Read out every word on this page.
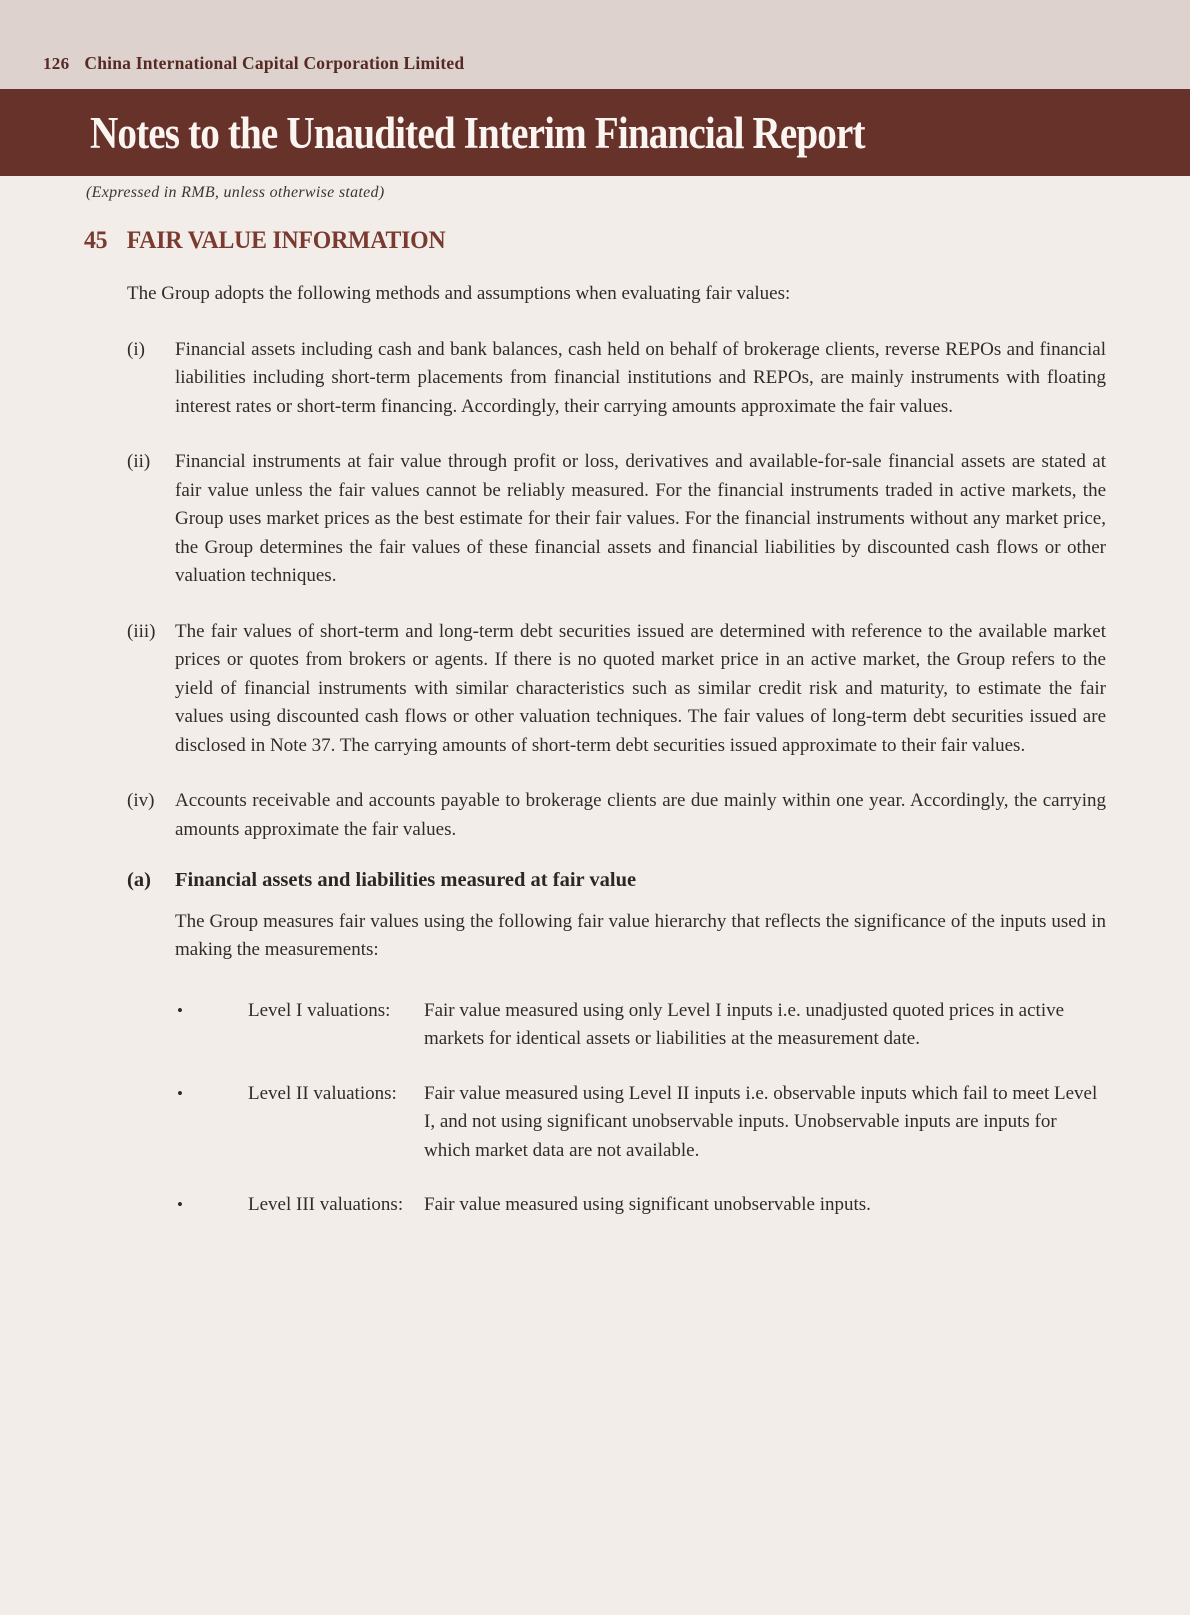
126 China International Capital Corporation Limited
Notes to the Unaudited Interim Financial Report

(Expressed in RMB, unless otherwise stated)

45 FAIR VALUE INFORMATION

The Group adopts the following methods and assumptions when evaluating fair values:

(i)	Financial assets including cash and bank balances, cash held on behalf of brokerage clients, reverse REPOs and financial liabilities including short-term placements from financial institutions and REPOs, are mainly instruments with floating interest rates or short-term financing. Accordingly, their carrying amounts approximate the fair values.
(ii)	Financial instruments at fair value through profit or loss, derivatives and available-for-sale financial assets are stated at fair value unless the fair values cannot be reliably measured. For the financial instruments traded in active markets, the Group uses market prices as the best estimate for their fair values. For the financial instruments without any market price, the Group determines the fair values of these financial assets and financial liabilities by discounted cash flows or other valuation techniques.
(iii)	The fair values of short-term and long-term debt securities issued are determined with reference to the available market prices or quotes from brokers or agents. If there is no quoted market price in an active market, the Group refers to the yield of financial instruments with similar characteristics such as similar credit risk and maturity, to estimate the fair values using discounted cash flows or other valuation techniques. The fair values of long-term debt securities issued are disclosed in Note 37. The carrying amounts of short-term debt securities issued approximate to their fair values.
(iv)	Accounts receivable and accounts payable to brokerage clients are due mainly within one year. Accordingly, the carrying amounts approximate the fair values.
(a)	Financial assets and liabilities measured at fair value

The Group measures fair values using the following fair value hierarchy that reflects the significance of the inputs used in making the measurements:

•	Level I valuations:	Fair value measured using only Level I inputs i.e. unadjusted quoted prices in active markets for identical assets or liabilities at the measurement date.
•	Level II valuations:	Fair value measured using Level II inputs i.e. observable inputs which fail to meet Level I, and not using significant unobservable inputs. Unobservable inputs are inputs for which market data are not available.
•	Level III valuations:	Fair value measured using significant unobservable inputs.
